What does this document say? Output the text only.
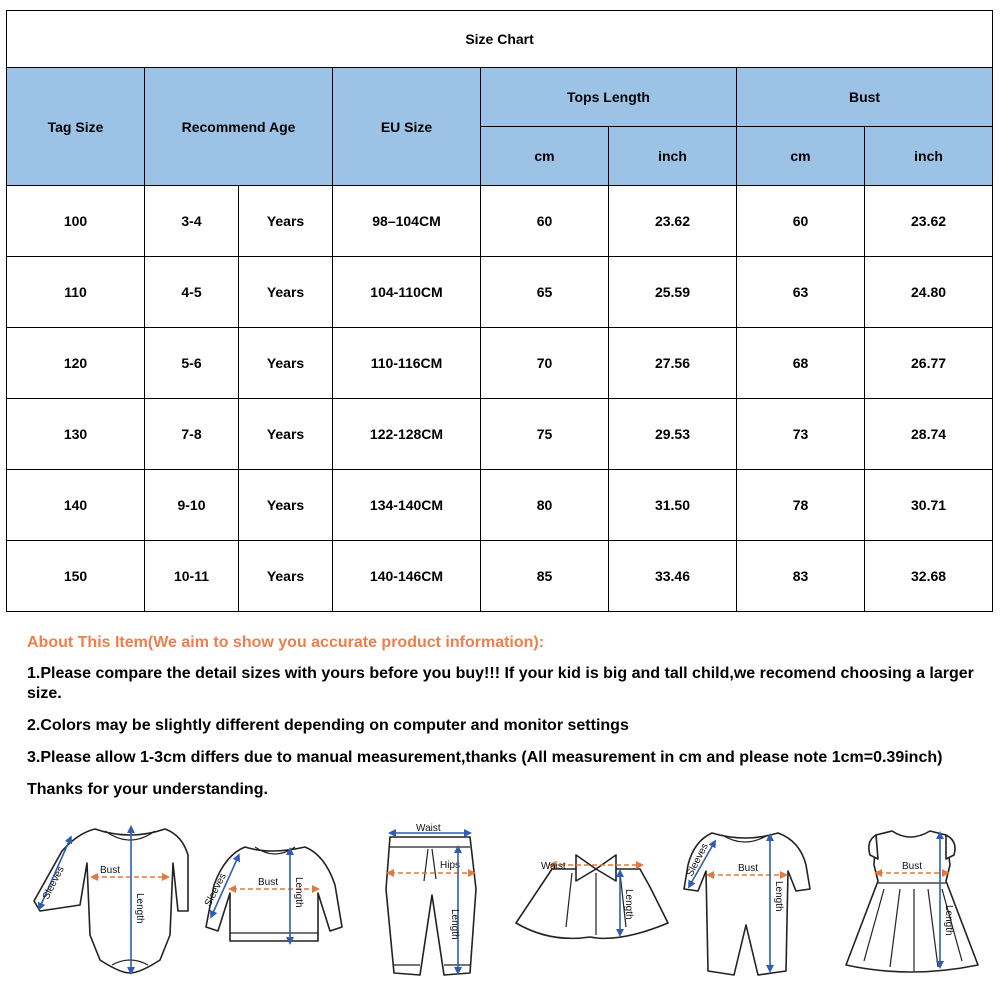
Size Chart							
Tag Size	Recommend Age		EU Size	Tops Length		Bust	
				cm	inch	cm	inch
100	3-4	Years	98–104CM	60	23.62	60	23.62
110	4-5	Years	104-110CM	65	25.59	63	24.80
120	5-6	Years	110-116CM	70	27.56	68	26.77
130	7-8	Years	122-128CM	75	29.53	73	28.74
140	9-10	Years	134-140CM	80	31.50	78	30.71
150	10-11	Years	140-146CM	85	33.46	83	32.68
About This Item(We aim to show you accurate product information):

1.Please compare the detail sizes with yours before you buy!!! If your kid is big and tall child,we recomend choosing a larger size.

2.Colors may be slightly different depending on computer and monitor settings

3.Please allow 1-3cm differs due to manual measurement,thanks (All measurement in cm and please note 1cm=0.39inch)

Thanks for your understanding.

Sleeves	Bust
Length	Sleeves	Bust Length
Waist
Hips
Length
Waist
Length
Sleeves	Bust
Length
Bust
Length
